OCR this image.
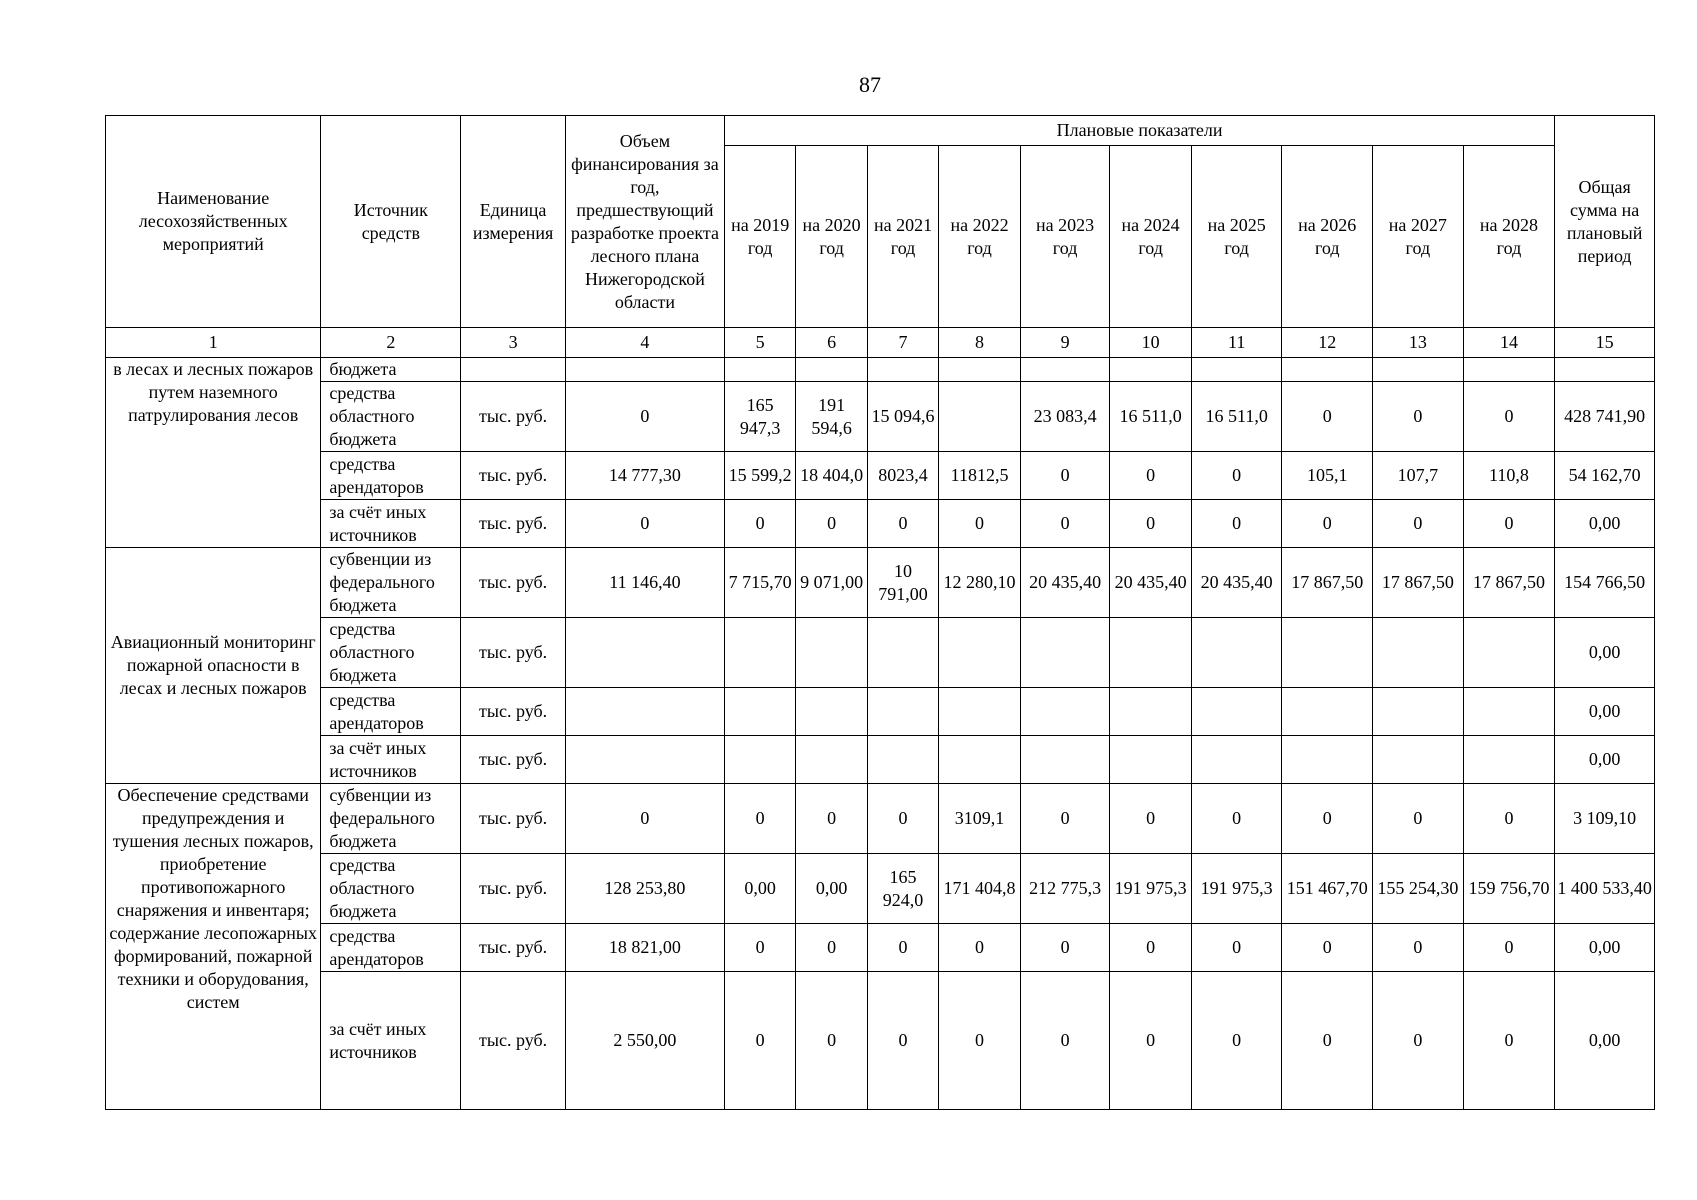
87
Наименование лесохозяйственных мероприятий	Источник средств	Единица измерения	Объем финансирования за год, предшествующий разработке проекта лесного плана Нижегородской области	Плановые показатели										Общая сумма на плановый период
				на 2019 год	на 2020 год	на 2021 год	на 2022 год	на 2023 год	на 2024 год	на 2025 год	на 2026 год	на 2027 год	на 2028 год	
1	2	3	4	5	6	7	8	9	10	11	12	13	14	15
в лесах и лесных пожаров путем наземного патрулирования лесов	бюджета													
	средства областного бюджета	тыс. руб.	0	165 947,3	191 594,6	15 094,6		23 083,4	16 511,0	16 511,0	0	0	0	428 741,90
	средства арендаторов	тыс. руб.	14 777,30	15 599,2	18 404,0	8023,4	11812,5	0	0	0	105,1	107,7	110,8	54 162,70
	за счёт иных источников	тыс. руб.	0	0	0	0	0	0	0	0	0	0	0	0,00
Авиационный мониторинг пожарной опасности в лесах и лесных пожаров	субвенции из федерального бюджета	тыс. руб.	11 146,40	7 715,70	9 071,00	10 791,00	12 280,10	20 435,40	20 435,40	20 435,40	17 867,50	17 867,50	17 867,50	154 766,50
	средства областного бюджета	тыс. руб.												0,00
	средства арендаторов	тыс. руб.												0,00
	за счёт иных источников	тыс. руб.												0,00
Обеспечение средствами предупреждения и тушения лесных пожаров, приобретение противопожарного снаряжения и инвентаря; содержание лесопожарных формирований, пожарной техники и оборудования, систем	субвенции из федерального бюджета	тыс. руб.	0	0	0	0	3109,1	0	0	0	0	0	0	3 109,10
	средства областного бюджета	тыс. руб.	128 253,80	0,00	0,00	165 924,0	171 404,8	212 775,3	191 975,3	191 975,3	151 467,70	155 254,30	159 756,70	1 400 533,40
	средства арендаторов	тыс. руб.	18 821,00	0	0	0	0	0	0	0	0	0	0	0,00
	за счёт иных источников	тыс. руб.	2 550,00	0	0	0	0	0	0	0	0	0	0	0,00
